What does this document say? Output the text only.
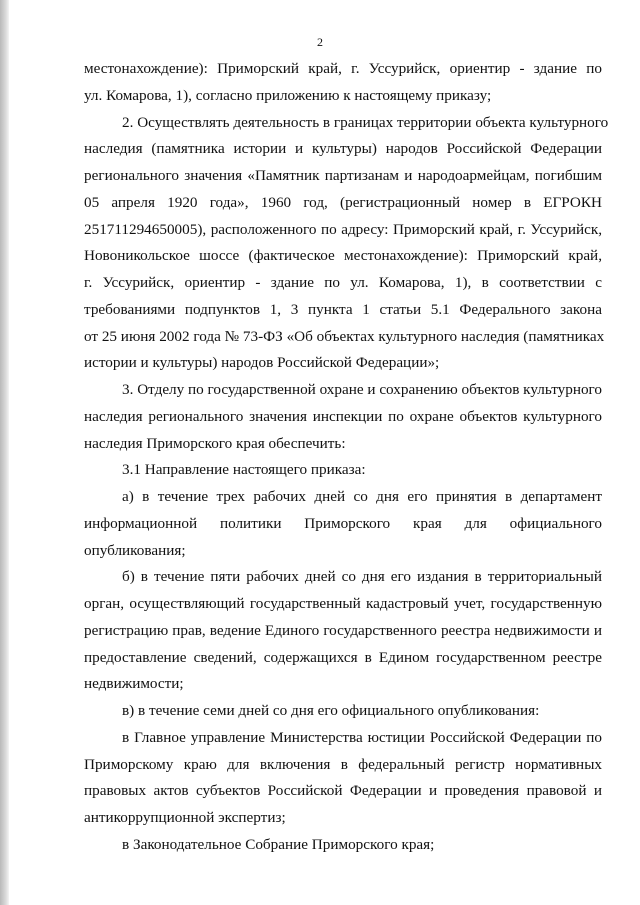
2
местонахождение): Приморский край, г. Уссурийск, ориентир - здание по
ул. Комарова, 1), согласно приложению к настоящему приказу;
2. Осуществлять деятельность в границах территории объекта культурного
наследия (памятника истории и культуры) народов Российской Федерации
регионального значения «Памятник партизанам и народоармейцам, погибшим
05 апреля 1920 года», 1960 год, (регистрационный номер в ЕГРОКН
251711294650005), расположенного по адресу: Приморский край, г. Уссурийск,
Новоникольское шоссе (фактическое местонахождение): Приморский край,
г. Уссурийск, ориентир - здание по ул. Комарова, 1), в соответствии с
требованиями подпунктов 1, 3 пункта 1 статьи 5.1 Федерального закона
от 25 июня 2002 года № 73-ФЗ «Об объектах культурного наследия (памятниках
истории и культуры) народов Российской Федерации»;
3. Отделу по государственной охране и сохранению объектов культурного
наследия регионального значения инспекции по охране объектов культурного
наследия Приморского края обеспечить:
3.1 Направление настоящего приказа:
а) в течение трех рабочих дней со дня его принятия в департамент
информационной политики Приморского края для официального
опубликования;
б) в течение пяти рабочих дней со дня его издания в территориальный
орган, осуществляющий государственный кадастровый учет, государственную
регистрацию прав, ведение Единого государственного реестра недвижимости и
предоставление сведений, содержащихся в Едином государственном реестре
недвижимости;
в) в течение семи дней со дня его официального опубликования:
в Главное управление Министерства юстиции Российской Федерации по
Приморскому краю для включения в федеральный регистр нормативных
правовых актов субъектов Российской Федерации и проведения правовой и
антикоррупционной экспертиз;
в Законодательное Собрание Приморского края;
